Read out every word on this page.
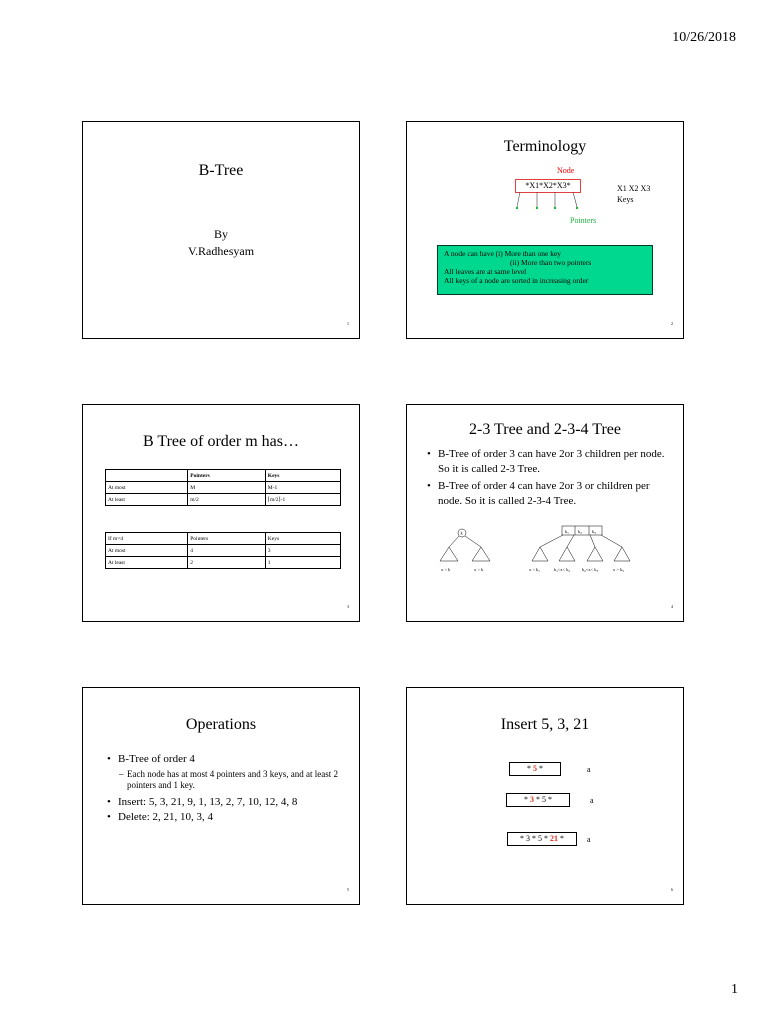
10/26/2018
B-Tree
By
V.Radhesyam
1
Terminology
Node
*X1*X2*X3*	X1 X2 X3
Keys
Pointers
A node can have (i) More than one key
(ii) More than two pointers
All leaves are at same level
All keys of a node are sorted in increasing order
2
B Tree of order m has…
	Pointers	Keys
At most	M	M-1
At least	m/2	⌈m/2⌉-1
If m=4	Pointers	Keys
At most	4	3
At least	2	1
3
2-3 Tree and 2-3-4 Tree
• B-Tree of order 3 can have 2or 3 children per node. So it is called 2-3 Tree.
• B-Tree of order 4 can have 2or 3 or children per node. So it is called 2-3-4 Tree.
k
x < k	x > k
$k_1$ $k_2$ $k_3$
$x < k_1$	$k_1<x< k_2$	$k_2<x< k_3$	$x > k_3$
4
Operations
• B-Tree of order 4
– Each node has at most 4 pointers and 3 keys, and at least 2 pointers and 1 key.
• Insert: 5, 3, 21, 9, 1, 13, 2, 7, 10, 12, 4, 8
• Delete: 2, 21, 10, 3, 4
5
Insert 5, 3, 21
* 5 *	a
* 3 * 5 *	a
* 3 * 5 * 21 *	a
6
1
